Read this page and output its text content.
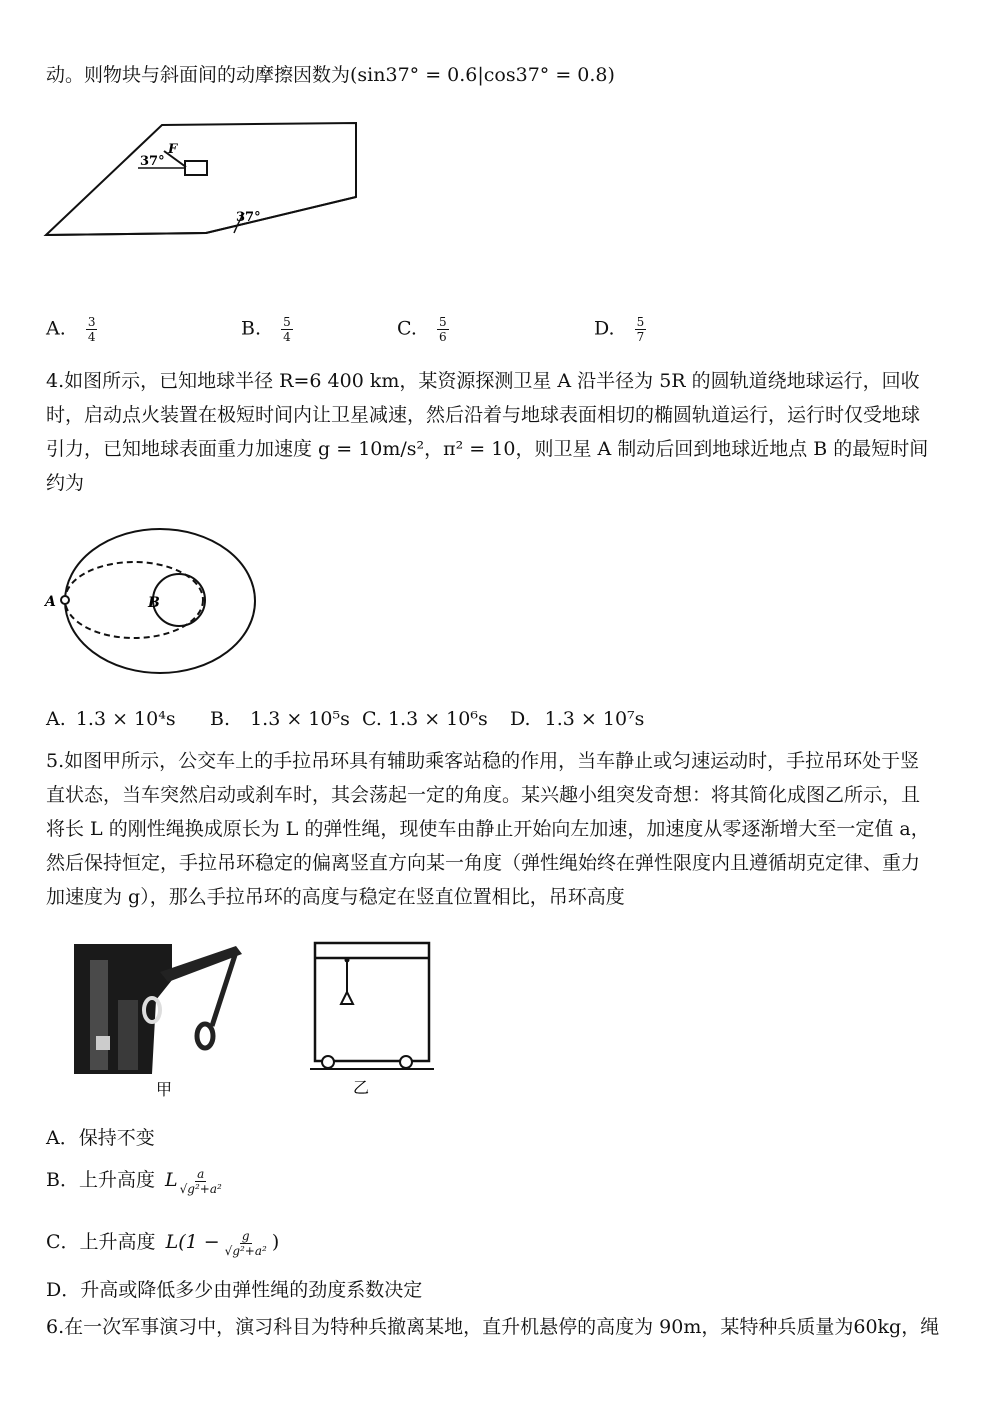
动。则物块与斜面间的动摩擦因数为(sin37° = 0.6|cos37° = 0.8)
37°
F
37°
A. $\frac{3}{4}$	B. $\frac{5}{4}$	C. $\frac{5}{6}$	D. $\frac{5}{7}$
4.如图所示，已知地球半径 R=6 400 km，某资源探测卫星 A 沿半径为 5R 的圆轨道绕地球运行，回收
时，启动点火装置在极短时间内让卫星减速，然后沿着与地球表面相切的椭圆轨道运行，运行时仅受地球
引力，已知地球表面重力加速度 g = 10m/s²，π² = 10，则卫星 A 制动后回到地球近地点 B 的最短时间
约为
A	B
A. 1.3 × 10⁴s B. 1.3 × 10⁵s C. 1.3 × 10⁶s D. 1.3 × 10⁷s
5.如图甲所示，公交车上的手拉吊环具有辅助乘客站稳的作用，当车静止或匀速运动时，手拉吊环处于竖
直状态，当车突然启动或刹车时，其会荡起一定的角度。某兴趣小组突发奇想：将其简化成图乙所示，且
将长 L 的刚性绳换成原长为 L 的弹性绳，现使车由静止开始向左加速，加速度从零逐渐增大至一定值 a，
然后保持恒定，手拉吊环稳定的偏离竖直方向某一角度（弹性绳始终在弹性限度内且遵循胡克定律、重力
加速度为 g），那么手拉吊环的高度与稳定在竖直位置相比，吊环高度
甲	乙
A．保持不变
B．上升高度 L $\frac{a}{\text{√g²+a²}}$
C．上升高度 $L(1 - \frac{g}{\text{√g²+a²}}$ )
D．升高或降低多少由弹性绳的劲度系数决定
6.在一次军事演习中，演习科目为特种兵撤离某地，直升机悬停的高度为 90m，某特种兵质量为60kg，绳
